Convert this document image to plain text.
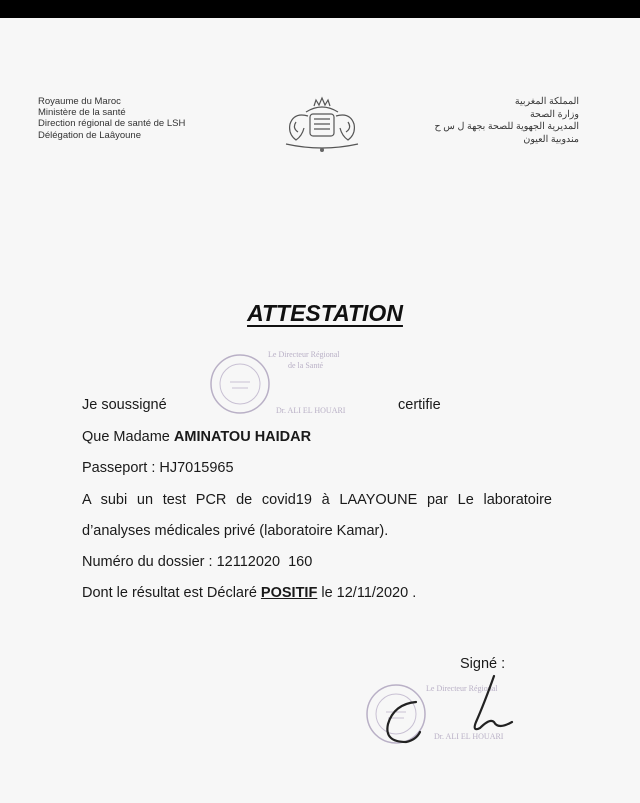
Royaume du Maroc
Ministère de la santé
Direction régional de santé de LSH
Délégation de Laâyoune
المملكة المغربية
وزارة الصحة
المديرية الجهوية للصحة بجهة ل س ح
مندوبية العيون
ATTESTATION
Le Directeur Régional
de la Santé
Dr. ALI EL HOUARI
Je soussigné	certifie
Que Madame AMINATOU HAIDAR
Passeport : HJ7015965
A subi un test PCR de covid19 à LAAYOUNE par Le laboratoire
d’analyses médicales privé (laboratoire Kamar).
Numéro du dossier : 12112020  160
Dont le résultat est Déclaré POSITIF le 12/11/2020 .
Signé :
Le Directeur Régional
Dr. ALI EL HOUARI
